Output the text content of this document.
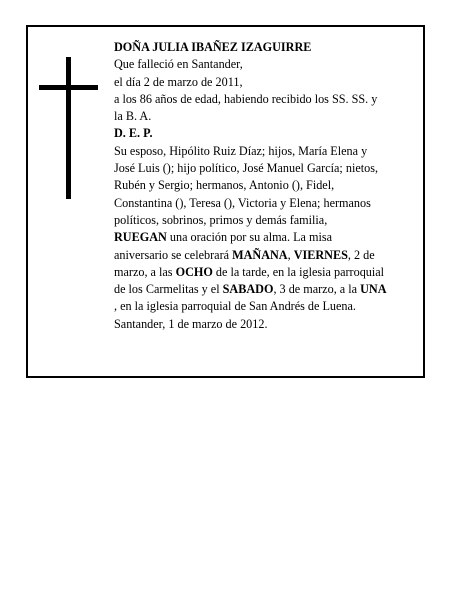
DOÑA JULIA IBAÑEZ IZAGUIRRE
Que falleció en Santander,
el día 2 de marzo de 2011,
a los 86 años de edad, habiendo recibido los SS. SS. y
la B. A.
D. E. P.
Su esposo, Hipólito Ruiz Díaz; hijos, María Elena y
José Luis (); hijo político, José Manuel García; nietos,
Rubén y Sergio; hermanos, Antonio (), Fidel,
Constantina (), Teresa (), Victoria y Elena; hermanos
políticos, sobrinos, primos y demás familia,
RUEGAN una oración por su alma. La misa
aniversario se celebrará MAÑANA, VIERNES, 2 de
marzo, a las OCHO de la tarde, en la iglesia parroquial
de los Carmelitas y el SABADO, 3 de marzo, a la UNA
, en la iglesia parroquial de San Andrés de Luena.
Santander, 1 de marzo de 2012.
